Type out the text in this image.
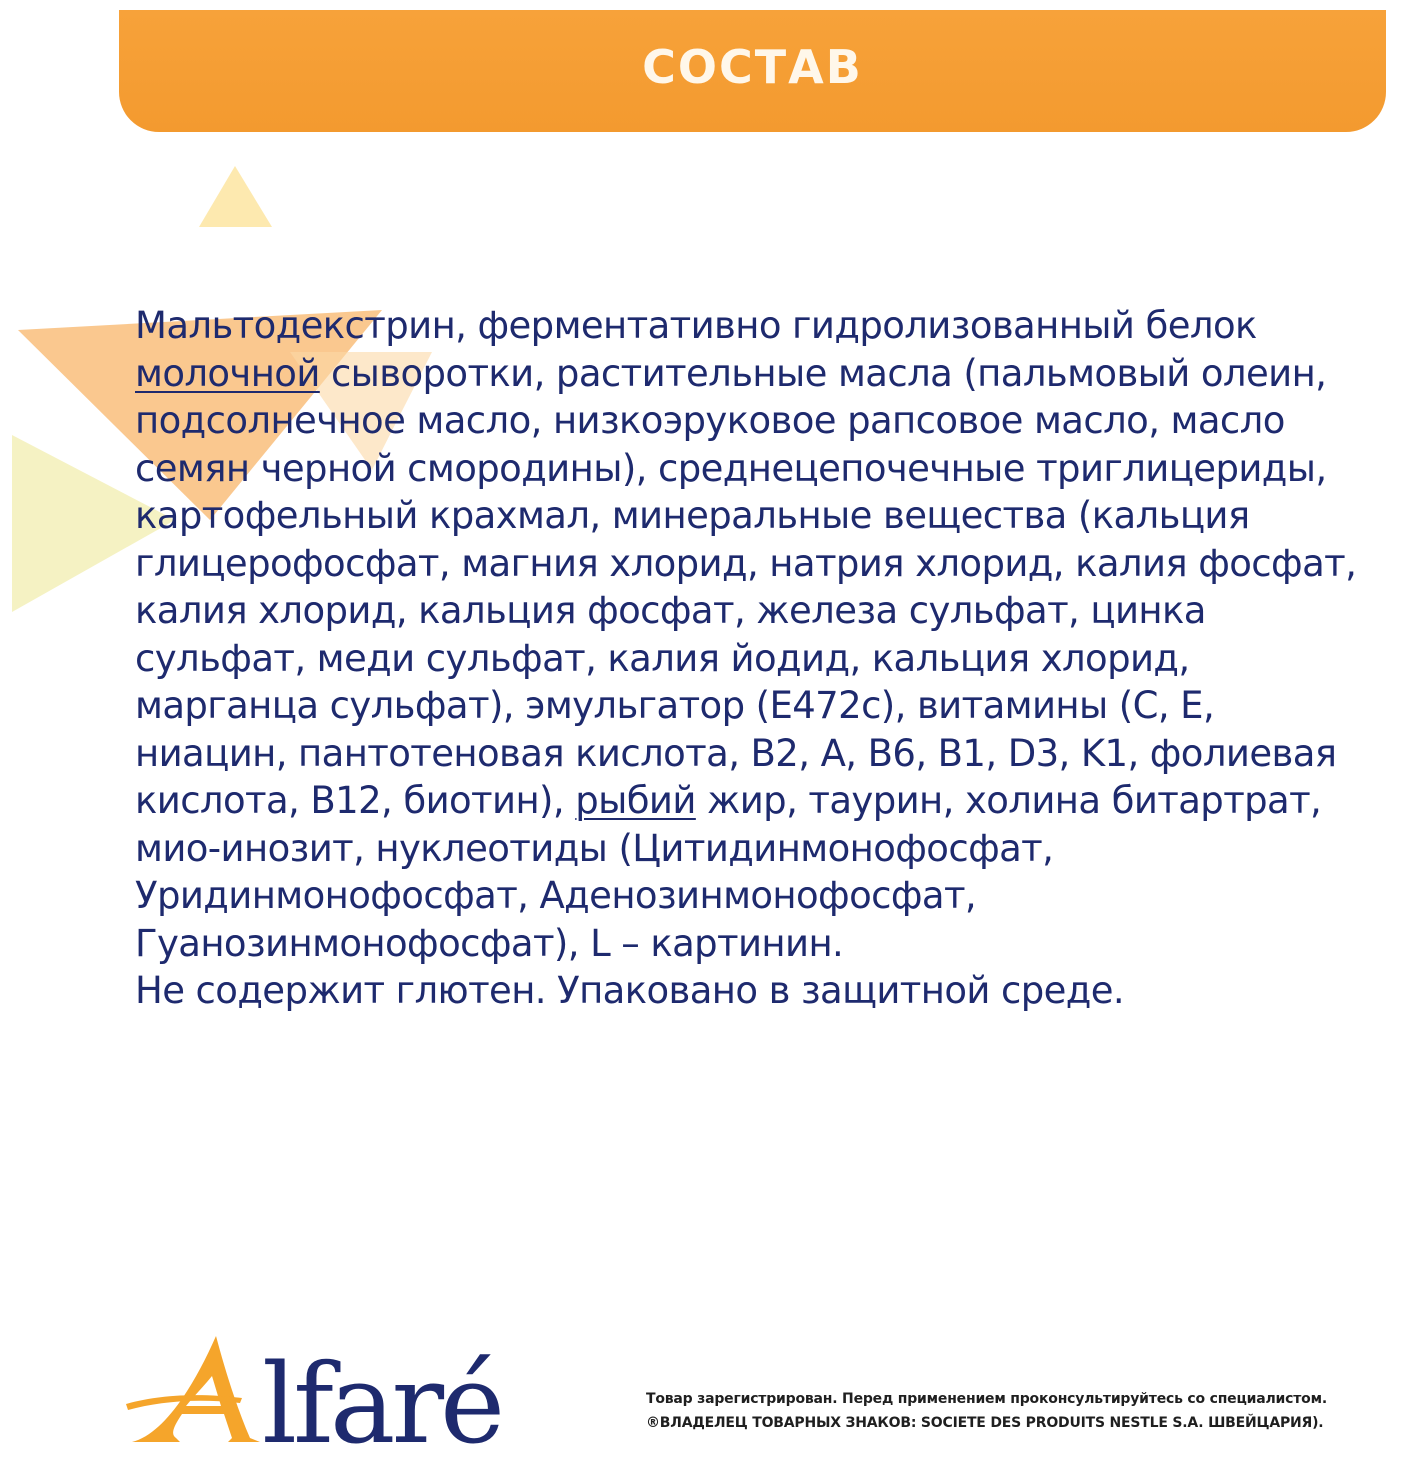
СОСТАВ
Мальтодекстрин, ферментативно гидролизованный белок
молочной сыворотки, растительные масла (пальмовый олеин,
подсолнечное масло, низкоэруковое рапсовое масло, масло
семян черной смородины), среднецепочечные триглицериды,
картофельный крахмал, минеральные вещества (кальция
глицерофосфат, магния хлорид, натрия хлорид, калия фосфат,
калия хлорид, кальция фосфат, железа сульфат, цинка
сульфат, меди сульфат, калия йодид, кальция хлорид,
марганца сульфат), эмульгатор (Е472с), витамины (С, Е,
ниацин, пантотеновая кислота, В2, А, В6, В1, D3, K1, фолиевая
кислота, В12, биотин), рыбий жир, таурин, холина битартрат,
мио-инозит, нуклеотиды (Цитидинмонофосфат,
Уридинмонофосфат, Аденозинмонофосфат,
Гуанозинмонофосфат), L – картинин.
Не содержит глютен. Упаковано в защитной среде.
lfaré	Товар зарегистрирован. Перед применением проконсультируйтесь со специалистом.
®ВЛАДЕЛЕЦ ТОВАРНЫХ ЗНАКОВ: SOCIETE DES PRODUITS NESTLE S.A. ШВЕЙЦАРИЯ).
